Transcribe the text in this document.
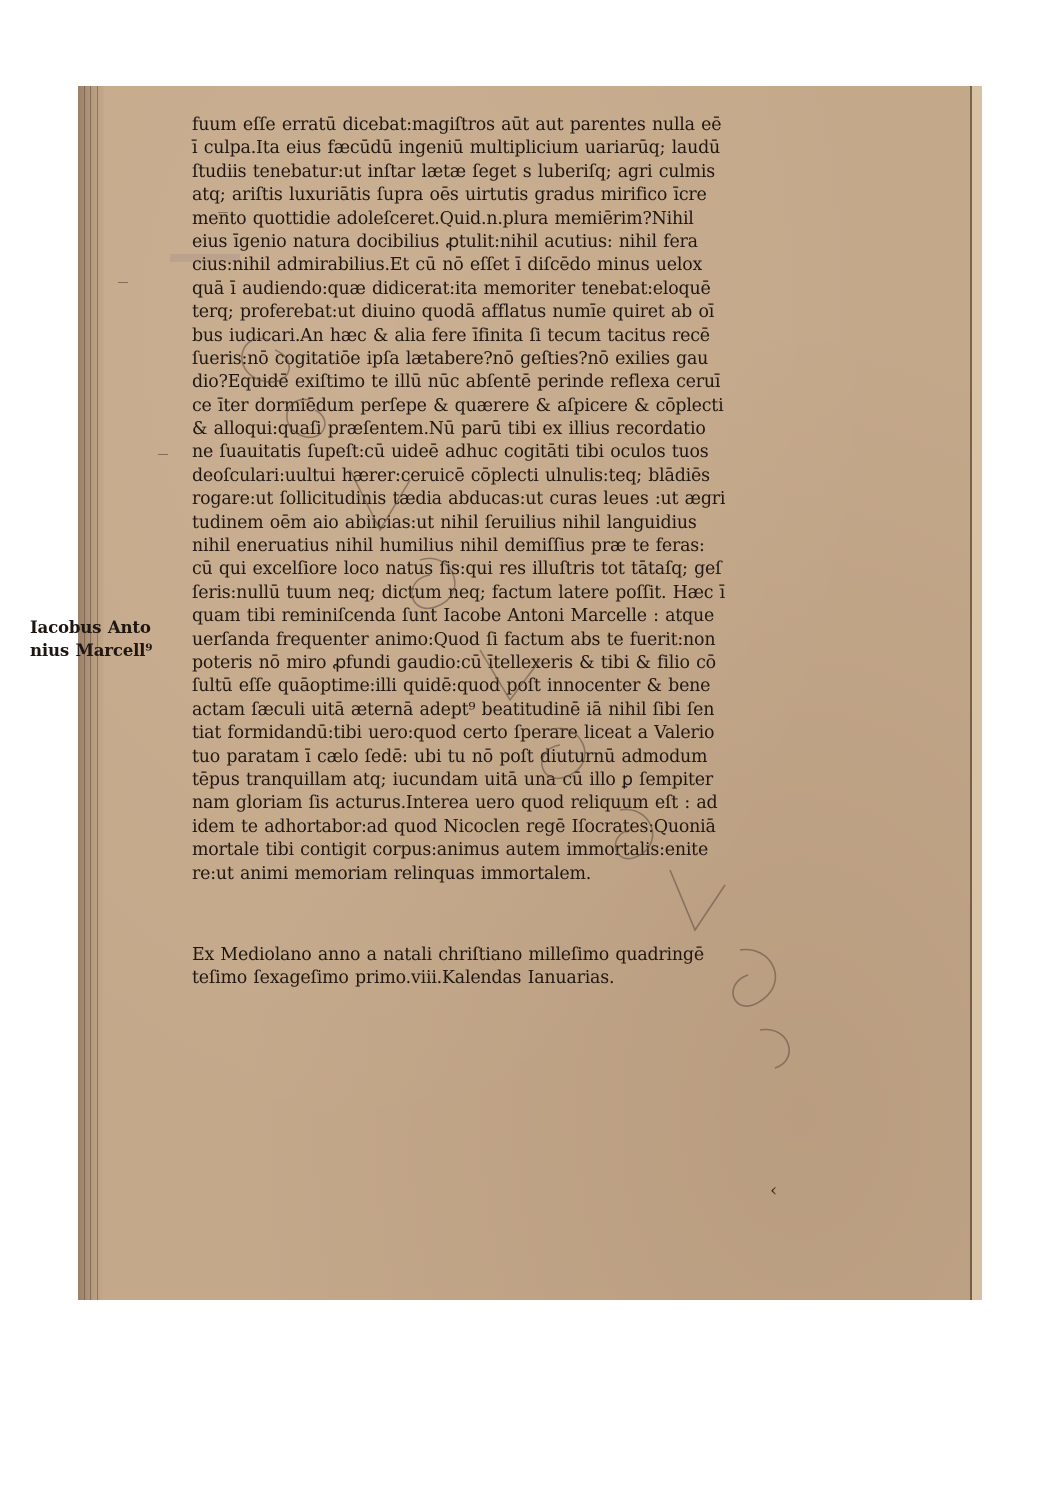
fuum eſſe erratū dicebat:magiſtros aūt aut parentes nulla eē
ī culpa.Ita eius fæcūdū ingeniū multiplicium uariarūq; laudū
ſtudiis tenebatur:ut inſtar lætæ ſeget s luberiſq; agri culmis
atq; ariſtis luxuriātis ſupra oēs uirtutis gradus mirifico īcre
mento quottidie adoleſceret.Quid.n.plura memiērim?Nihil
eius īgenio natura docibilius ꝓtulit:nihil acutius: nihil fera
cius:nihil admirabilius.Et cū nō eſſet ī diſcēdo minus uelox
quā ī audiendo:quæ didicerat:ita memoriter tenebat:eloquē
terq; proferebat:ut diuino quodā afflatus numīe quiret ab oī
bus iudicari.An hæc & alia fere īfinita ſi tecum tacitus recē
ſueris:nō cogitatiōe ipſa lætabere?nō geſties?nō exilies gau
dio?Equidē exiſtimo te illū nūc abſentē perinde reflexa ceruī
ce īter dormiēdum perſepe & quærere & aſpicere & cōplecti
& alloqui:quaſi præſentem.Nū parū tibi ex illius recordatio
ne ſuauitatis ſupeſt:cū uideē adhuc cogitāti tibi oculos tuos
deoſculari:uultui hærer:ceruicē cōplecti ulnulis:teq; blādiēs
rogare:ut ſollicitudinis tædia abducas:ut curas leues :ut ægri
tudinem oēm aio abiicias:ut nihil ſeruilius nihil languidius
nihil eneruatius nihil humilius nihil demiſſius præ te feras:
cū qui excelſiore loco natus ſis:qui res illuſtris tot tātaſq; geſ
ſeris:nullū tuum neq; dictum neq; factum latere poſſit. Hæc ī
quam tibi reminiſcenda ſunt Iacobe Antoni Marcelle : atque
uerſanda frequenter animo:Quod ſi factum abs te fuerit:non
poteris nō miro ꝓfundi gaudio:cū ītellexeris & tibi & filio cō
ſultū eſſe quāoptime:illi quidē:quod poſt innocenter & bene
actam ſæculi uitā æternā adept⁹ beatitudinē iā nihil ſibi ſen
tiat formidandū:tibi uero:quod certo ſperare liceat a Valerio
tuo paratam ī cælo ſedē: ubi tu nō poſt diuturnū admodum
tēpus tranquillam atq; iucundam uitā una cū illo ꝑ ſempiter
nam gloriam ſis acturus.Interea uero quod reliquum eſt : ad
idem te adhortabor:ad quod Nicoclen regē Iſocrates:Quoniā
mortale tibi contigit corpus:animus autem immortalis:enite
re:ut animi memoriam relinquas immortalem.
Ex Mediolano anno a natali chriſtiano milleſimo quadringē
teſimo ſexageſimo primo.viii.Kalendas Ianuarias.
Iacobus Anto
nius Marcell⁹
‹
